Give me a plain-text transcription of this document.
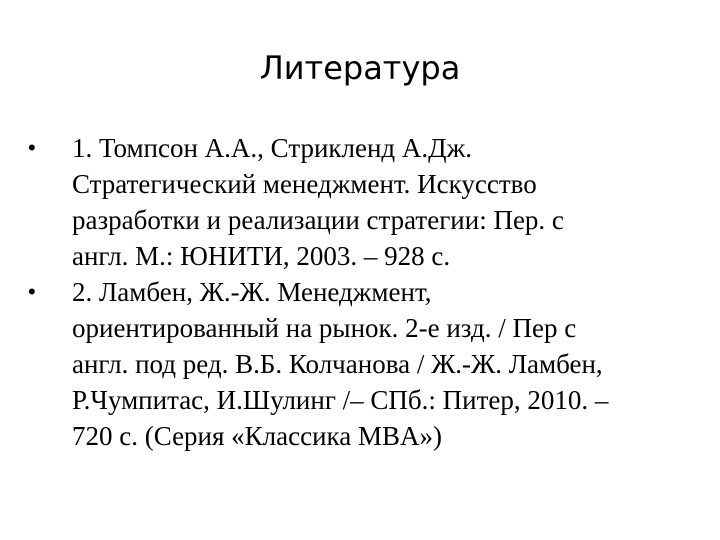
Литература
•	1. Томпсон А.А., Стрикленд А.Дж.
Стратегический менеджмент. Искусство
разработки и реализации стратегии: Пер. с
англ. М.: ЮНИТИ, 2003. – 928 с.
•	2. Ламбен, Ж.-Ж. Менеджмент,
ориентированный на рынок. 2-е изд. / Пер с
англ. под ред. В.Б. Колчанова / Ж.-Ж. Ламбен,
Р.Чумпитас, И.Шулинг /– СПб.: Питер, 2010. –
720 с. (Серия «Классика MBA»)
